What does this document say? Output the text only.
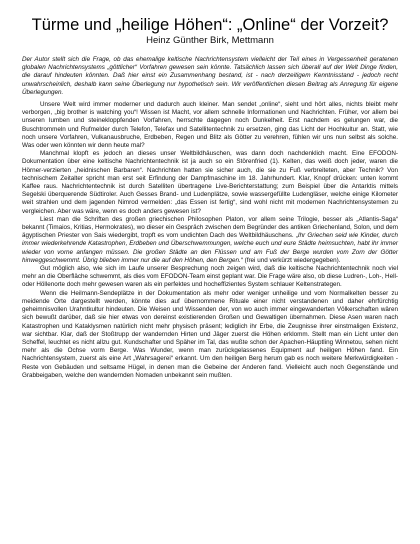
Türme und „heilige Höhen“: „Online“ der Vorzeit?

Heinz Günther Birk, Mettmann

Der Autor stellt sich die Frage, ob das ehemalige keltische Nachrichtensystem vielleicht der Teil eines in Vergessenheit geratenen globalen Nachrichtensystems „göttlicher“ Vorfahren gewesen sein könnte. Tatsächlich lassen sich überall auf der Welt Dinge finden, die darauf hindeuten könnten. Daß hier einst ein Zusammenhang bestand, ist - nach derzeitigem Kenntnisstand - jedoch recht unwahrscheinlich, deshalb kann seine Überlegung nur hypothetisch sein. Wir veröffentlichen diesen Beitrag als Anregung für eigene Überlegungen.

Unsere Welt wird immer moderner und dadurch auch kleiner. Man sendet „online“, sieht und hört alles, nichts bleibt mehr verborgen, „big brother is watching you“! Wissen ist Macht, vor allem schnelle Informationen und Nachrichten. Früher, vor allem bei unseren Iumben und steinekloppfenden Vorfahren, herrschte dagegen noch Dunkelheit. Erst nachdem es gelungen war, die Buschtrommeln und Rufmelder durch Telefon, Telefax und Satellitentechnik zu ersetzen, ging das Licht der Hochkultur an. Statt, wie noch unsere Vorfahren, Vulkanausbruche, Erdbeben, Regen und Blitz als Götter zu verehren, fühlen wir uns nun selbst als solche. Was oder wen könnten wir denn heute mal?

Manchmal klopft es jedoch an dieses unser Weltbildhäuschen, was dann doch nachdenklich macht. Eine EFODON-Dokumentation über eine keltische Nachrichtentechnik ist ja auch so ein Störenfried (1). Kelten, das weiß doch jeder, waren die Hörner-verzierten „heidnischen Barbaren“. Nachrichten hatten sie sicher auch, die sie zu Fuß verbreiteten, aber Technik? Von technischem Zeitalter spricht man erst seit Erfindung der Dampfmaschine im 18. Jahrhundert. Klar, Knopf drücken: unten kommt Kaffee raus. Nachrichtentechnik ist durch Satelliten übertragene Live-Berichterstattung; zum Beispiel über die Antarktis mittels Segelski überquerende Südtiroler. Auch Gesses Brand- und Ludenplätze, sowie wassergefüllte Ludengläser, welche einige Kilometer weit strahlen und dem jagenden Nimrod vermelden: „das Essen ist fertig“, sind wohl nicht mit modernen Nachrichtensystemen zu vergleichen. Aber was wäre, wenn es doch anders gewesen ist?

Liest man die Schriften des großen griechischen Philosophen Platon, vor allem seine Trilogie, besser als „Atlantis-Saga“ bekannt (Timaios, Kritias, Hermokrates), wo dieser ein Gespräch zwischen dem Begründer des antiken Griechenland, Solon, und dem ägyptischen Priester von Sais wiedergibt, tropft es vom undichten Dach des Weltbildhäuschens. „Ihr Griechen seid wie Kinder, durch immer wiederkehrende Katastrophen, Erdbeben und Überschwemmungen, welche euch und eure Städte heimsuchten, habt ihr immer wieder von vorne anfangen müssen. Die großen Städte an den Flüssen und am Fuß der Berge wurden vom Zorn der Götter hinweggeschwemmt. Übrig blieben immer nur die auf den Höhen, den Bergen.“ (frei und verkürzt wiedergegeben).

Gut möglich also, wie sich im Laufe unserer Besprechung noch zeigen wird, daß die keltische Nachrichtentechnik noch viel mehr an die Oberfläche schwemmt, als dies vom EFODON-Team einst geplant war. Die Frage wäre also, ob diese Ludren-, Loh-, Hell- oder Höllenorte doch mehr gewesen waren als ein perfektes und hocheffizientes System schlauer Keltenstrategen.

Wenn die Heilmann-Sendeplätze in der Dokumentation als mehr oder weniger unheilige und vom Normalkelten besser zu meidende Orte dargestellt werden, könnte dies auf übernommene Rituale einer nicht verstandenen und daher ehrfürchtig geheimnisvollen Urahntkultur hindeuten. Die Weisen und Wissenden der, von wo auch immer eingewanderten Völkerschaften wären sich bewußt darüber, daß sie hier etwas von dereinst existierenden Großen und Gewaltigen übernahmen. Diese Asen waren nach Katastrophen und Kataklysmen natürlich nicht mehr physisch präsent; lediglich ihr Erbe, die Zeugnisse ihrer einstmaligen Existenz, war sichtbar. Klar, daß der Stoßtrupp der wandernden Hirten und Jäger zuerst die Höhen erklomm. Stellt man ein Licht unter den Scheffel, leuchtet es nicht allzu gut. Kundschafter und Späher im Tal, das wußte schon der Apachen-Häuptling Winnetou, sehen nicht mehr als die Ochse vorm Berge. Was Wunder, wenn man zurückgelassenes Equipment auf heiligen Höhen fand. Ein Nachrichtensystem, zuerst als eine Art „Wahrsagerei“ erkannt. Um den heiligen Berg herum gab es noch weitere Merkwürdigkeiten - Reste von Gebäuden und seltsame Hügel, in denen man die Gebeine der Anderen fand. Vielleicht auch noch Gegenstände und Grabbeigaben, welche den wandernden Nomaden unbekannt sein mußten.
